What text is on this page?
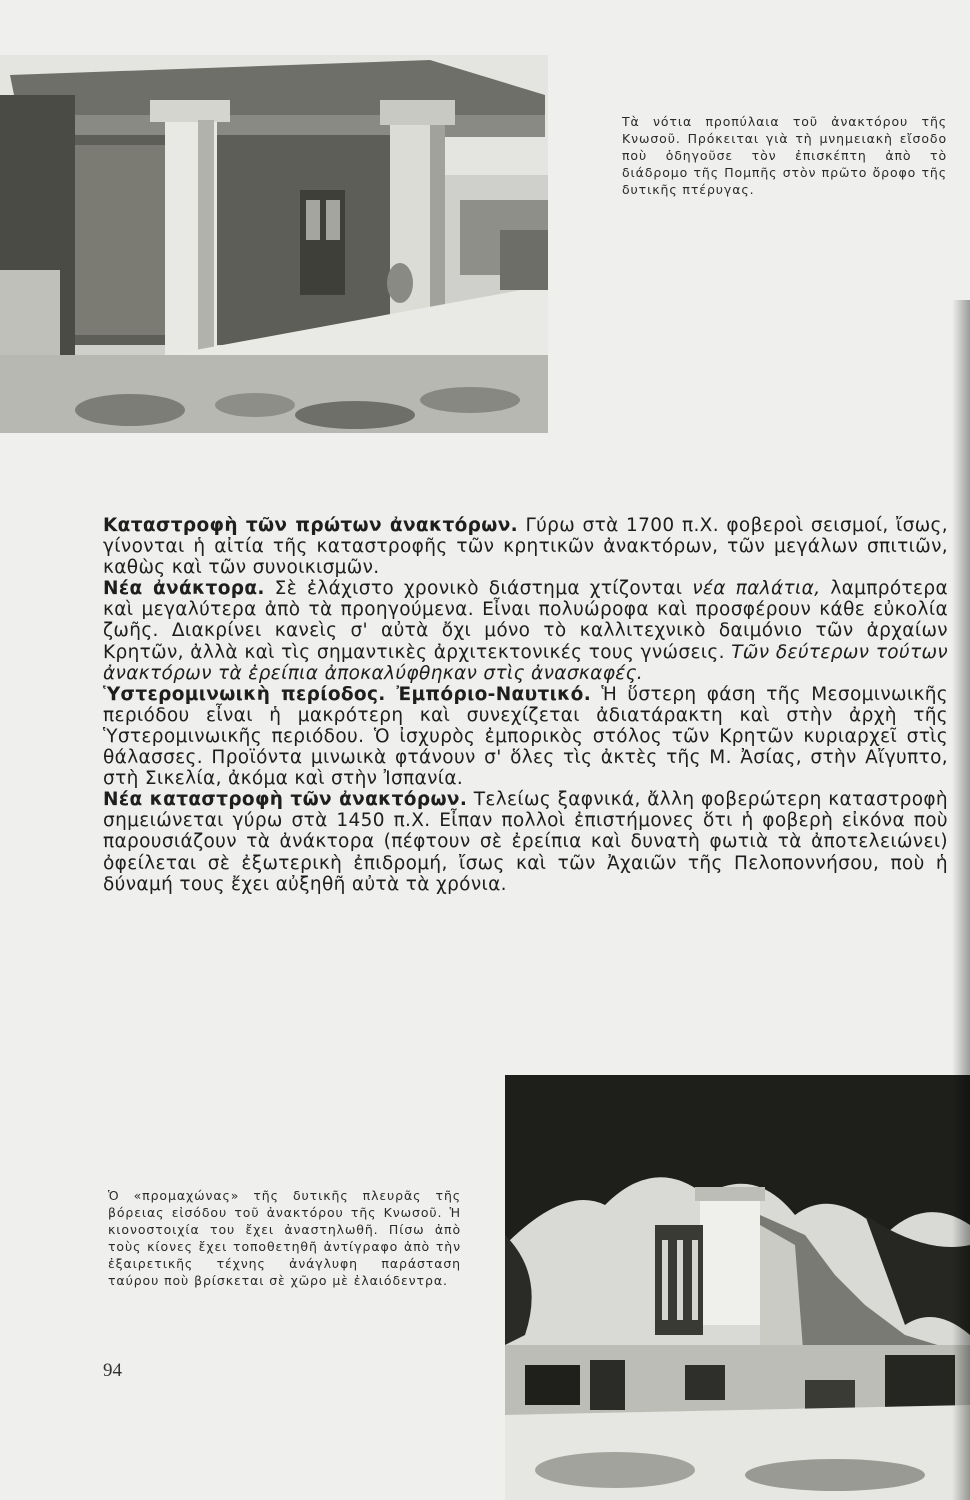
Τὰ νότια προπύλαια τοῦ ἀνακτόρου τῆς Κνωσοῦ. Πρόκειται γιὰ τὴ μνημειακὴ εἴσοδο ποὺ ὁδηγοῦσε τὸν ἐπισκέπτη ἀπὸ τὸ διάδρομο τῆς Πομπῆς στὸν πρῶτο ὄροφο τῆς δυτικῆς πτέρυγας.

Καταστροφὴ τῶν πρώτων ἀνακτόρων. Γύρω στὰ 1700 π.Χ. φοβεροὶ σεισμοί, ἴσως, γίνονται ἡ αἰτία τῆς καταστροφῆς τῶν κρητικῶν ἀνακτόρων, τῶν μεγάλων σπιτιῶν, καθὼς καὶ τῶν συνοικισμῶν.

Νέα ἀνάκτορα. Σὲ ἐλάχιστο χρονικὸ διάστημα χτίζονται νέα παλάτια, λαμπρότερα καὶ μεγαλύτερα ἀπὸ τὰ προηγούμενα. Εἶναι πολυώροφα καὶ προσφέρουν κάθε εὐκολία ζωῆς. Διακρίνει κανεὶς σ' αὐτὰ ὄχι μόνο τὸ καλλιτεχνικὸ δαιμόνιο τῶν ἀρχαίων Κρητῶν, ἀλλὰ καὶ τὶς σημαντικὲς ἀρχιτεκτονικές τους γνώσεις. Τῶν δεύτερων τούτων ἀνακτόρων τὰ ἐρείπια ἀποκαλύφθηκαν στὶς ἀνασκαφές.

Ὑστερομινωικὴ περίοδος. Ἐμπόριο-Ναυτικό. Ἡ ὕστερη φάση τῆς Μεσομινωικῆς περιόδου εἶναι ἡ μακρότερη καὶ συνεχίζεται ἀδιατάρακτη καὶ στὴν ἀρχὴ τῆς Ὑστερομινωικῆς περιόδου. Ὁ ἰσχυρὸς ἐμπορικὸς στόλος τῶν Κρητῶν κυριαρχεῖ στὶς θάλασσες. Προϊόντα μινωικὰ φτάνουν σ' ὅλες τὶς ἀκτὲς τῆς Μ. Ἀσίας, στὴν Αἴγυπτο, στὴ Σικελία, ἀκόμα καὶ στὴν Ἰσπανία.

Νέα καταστροφὴ τῶν ἀνακτόρων. Τελείως ξαφνικά, ἄλλη φοβερώτερη καταστροφὴ σημειώνεται γύρω στὰ 1450 π.Χ. Εἶπαν πολλοὶ ἐπιστήμονες ὅτι ἡ φοβερὴ εἰκόνα ποὺ παρουσιάζουν τὰ ἀνάκτορα (πέφτουν σὲ ἐρείπια καὶ δυνατὴ φωτιὰ τὰ ἀποτελειώνει) ὀφείλεται σὲ ἐξωτερικὴ ἐπιδρομή, ἴσως καὶ τῶν Ἀχαιῶν τῆς Πελοποννήσου, ποὺ ἡ δύναμή τους ἔχει αὐξηθῆ αὐτὰ τὰ χρόνια.

Ὁ «προμαχώνας» τῆς δυτικῆς πλευρᾶς τῆς βόρειας εἰσόδου τοῦ ἀνακτόρου τῆς Κνωσοῦ. Ἡ κιονοστοιχία του ἔχει ἀναστηλωθῆ. Πίσω ἀπὸ τοὺς κίονες ἔχει τοποθετηθῆ ἀντίγραφο ἀπὸ τὴν ἐξαιρετικῆς τέχνης ἀνάγλυφη παράσταση ταύρου ποὺ βρίσκεται σὲ χῶρο μὲ ἐλαιόδεντρα.
94
